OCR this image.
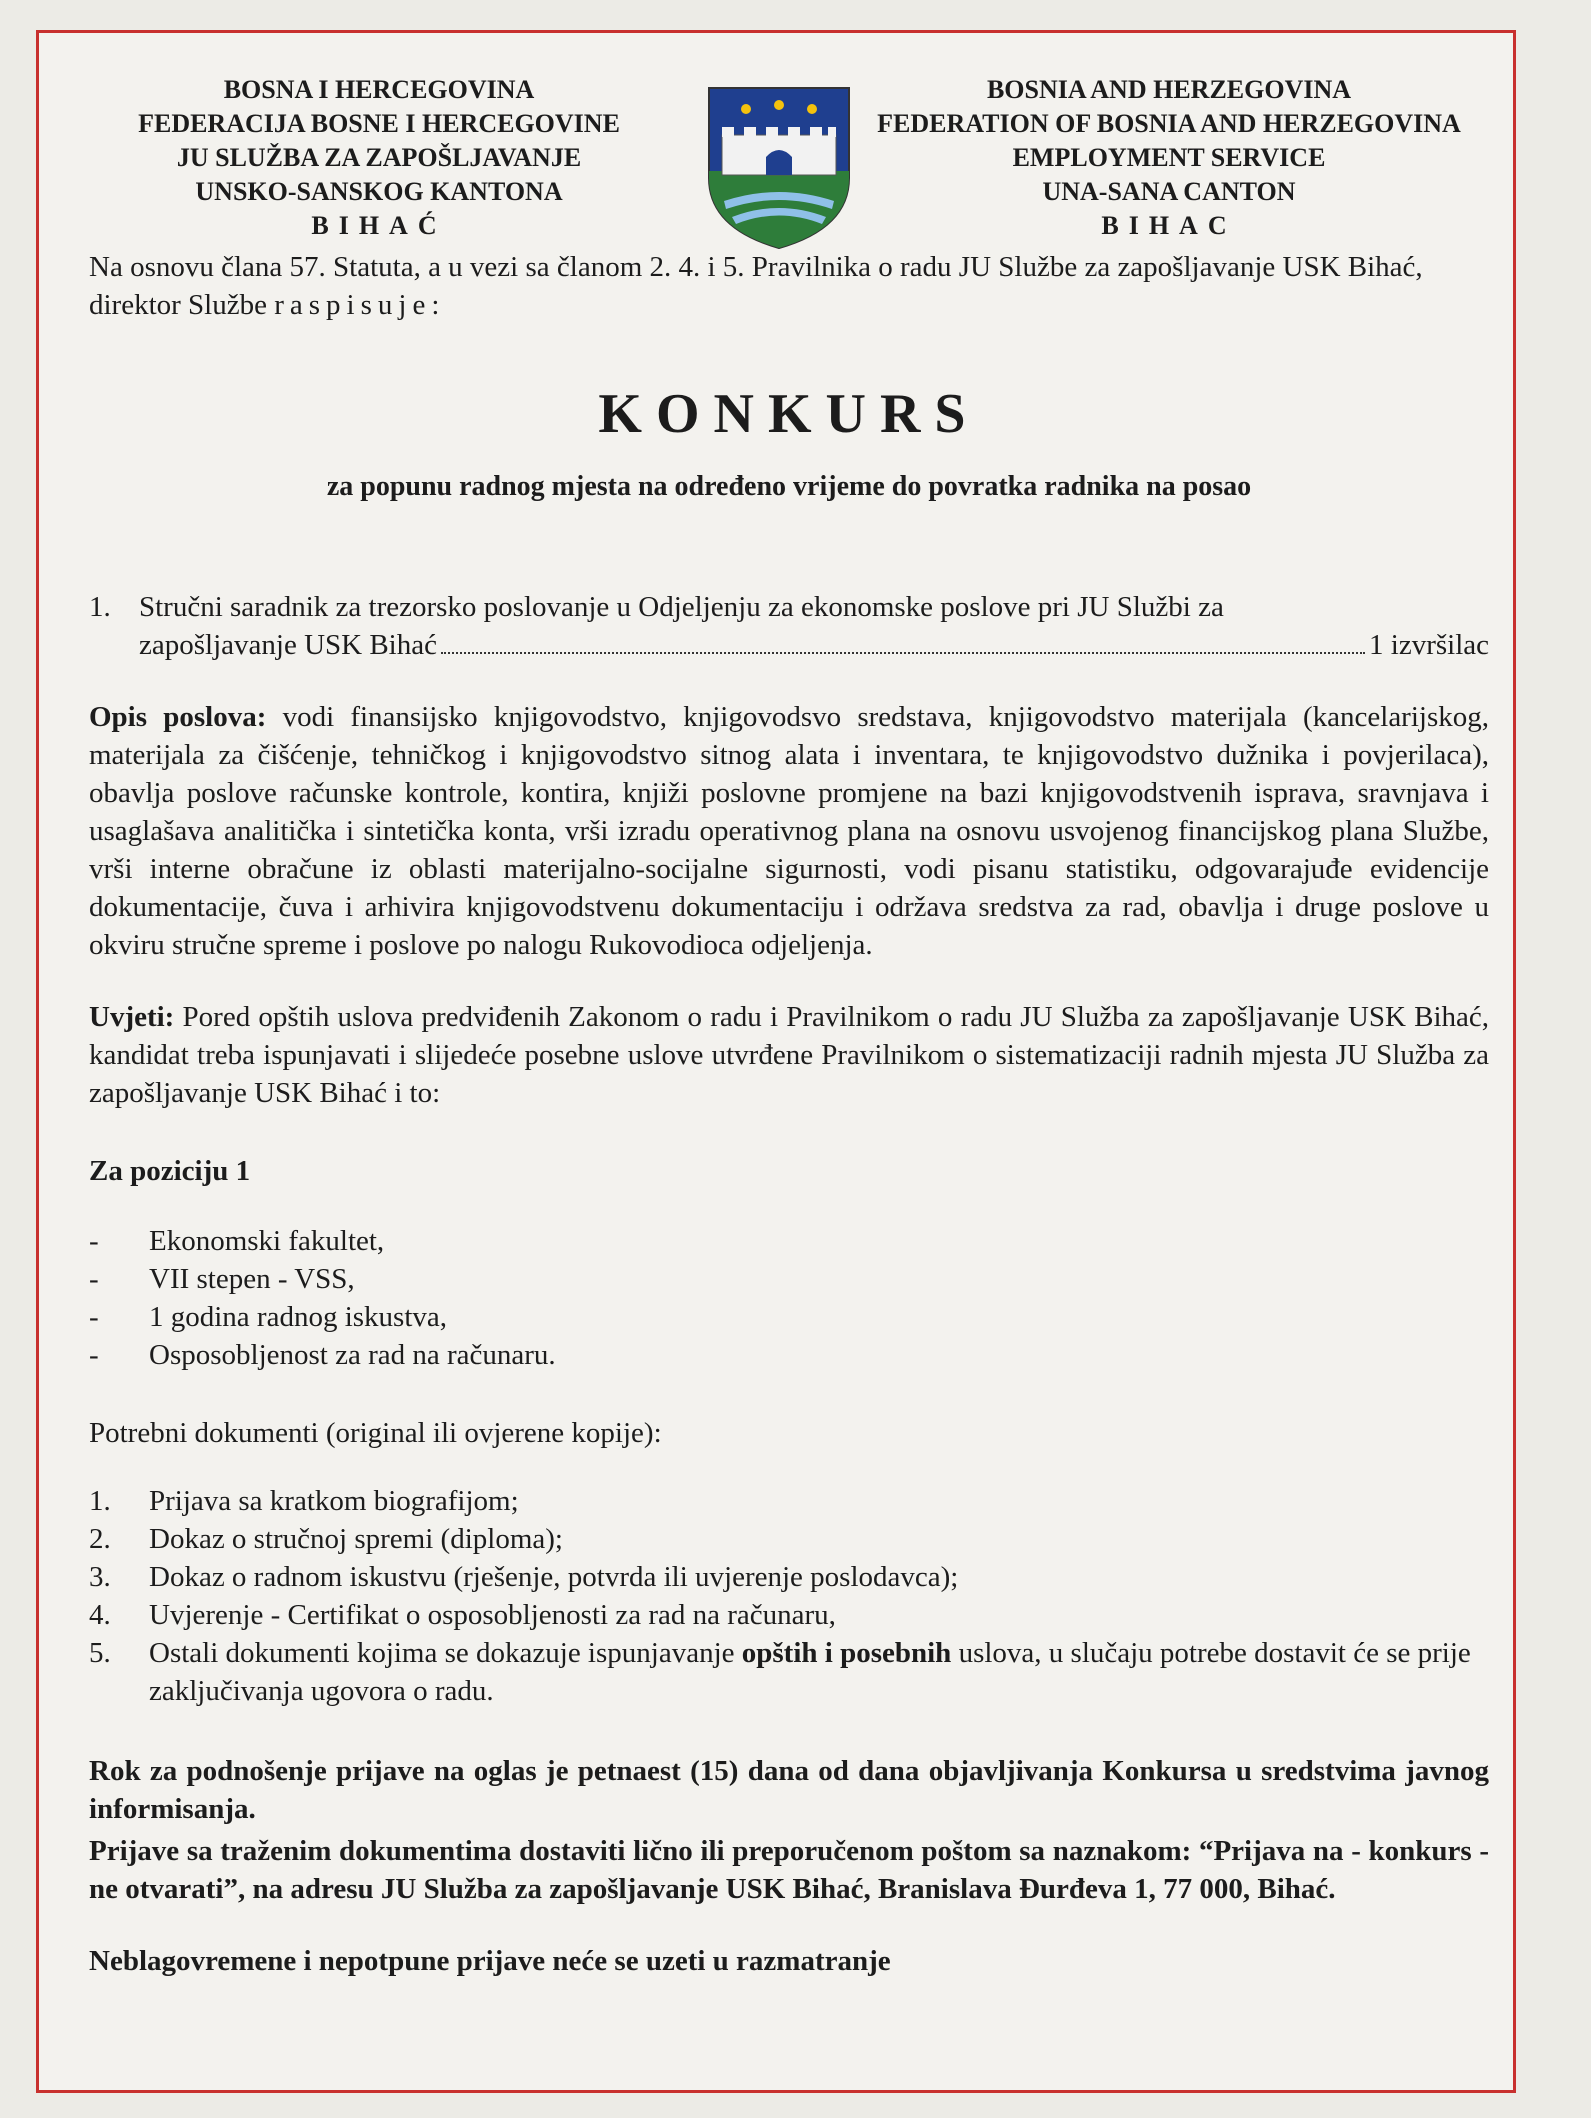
BOSNA I HERCEGOVINA
FEDERACIJA BOSNE I HERCEGOVINE
JU SLUŽBA ZA ZAPOŠLJAVANJE
UNSKO-SANSKOG KANTONA
BIHAĆ
BOSNIA AND HERZEGOVINA
FEDERATION OF BOSNIA AND HERZEGOVINA
EMPLOYMENT SERVICE
UNA-SANA CANTON
BIHAC

Na osnovu člana 57. Statuta, a u vezi sa članom 2. 4. i 5. Pravilnika o radu JU Službe za zapošljavanje USK Bihać, direktor Službe raspisuje:

KONKURS
za popunu radnog mjesta na određeno vrijeme do povratka radnika na posao
1. Stručni saradnik za trezorsko poslovanje u Odjeljenju za ekonomske poslove pri JU Službi za
zapošljavanje USK Bihać	1 izvršilac

Opis poslova: vodi finansijsko knjigovodstvo, knjigovodsvo sredstava, knjigovodstvo materijala (kancelarijskog, materijala za čišćenje, tehničkog i knjigovodstvo sitnog alata i inventara, te knjigovodstvo dužnika i povjerilaca), obavlja poslove računske kontrole, kontira, knjiži poslovne promjene na bazi knjigovodstvenih isprava, sravnjava i usaglašava analitička i sintetička konta, vrši izradu operativnog plana na osnovu usvojenog financijskog plana Službe, vrši interne obračune iz oblasti materijalno-socijalne sigurnosti, vodi pisanu statistiku, odgovarajuđe evidencije dokumentacije, čuva i arhivira knjigovodstvenu dokumentaciju i održava sredstva za rad, obavlja i druge poslove u okviru stručne spreme i poslove po nalogu Rukovodioca odjeljenja.

Uvjeti: Pored opštih uslova predviđenih Zakonom o radu i Pravilnikom o radu JU Služba za zapošljavanje USK Bihać, kandidat treba ispunjavati i slijedeće posebne uslove utvrđene Pravilnikom o sistematizaciji radnih mjesta JU Služba za zapošljavanje USK Bihać i to:

Za poziciju 1
-	Ekonomski fakultet,
-	VII stepen - VSS,
-	1 godina radnog iskustva,
-	Osposobljenost za rad na računaru.
Potrebni dokumenti (original ili ovjerene kopije):
1.	Prijava sa kratkom biografijom;
2.	Dokaz o stručnoj spremi (diploma);
3.	Dokaz o radnom iskustvu (rješenje, potvrda ili uvjerenje poslodavca);
4.	Uvjerenje - Certifikat o osposobljenosti za rad na računaru,
5.	Ostali dokumenti kojima se dokazuje ispunjavanje opštih i posebnih uslova, u slučaju potrebe dostavit će se prije zaključivanja ugovora o radu.
Rok za podnošenje prijave na oglas je petnaest (15) dana od dana objavljivanja Konkursa u sredstvima javnog informisanja.
Prijave sa traženim dokumentima dostaviti lično ili preporučenom poštom sa naznakom: “Prijava na - konkurs - ne otvarati”, na adresu JU Služba za zapošljavanje USK Bihać, Branislava Đurđeva 1, 77 000, Bihać.
Neblagovremene i nepotpune prijave neće se uzeti u razmatranje
